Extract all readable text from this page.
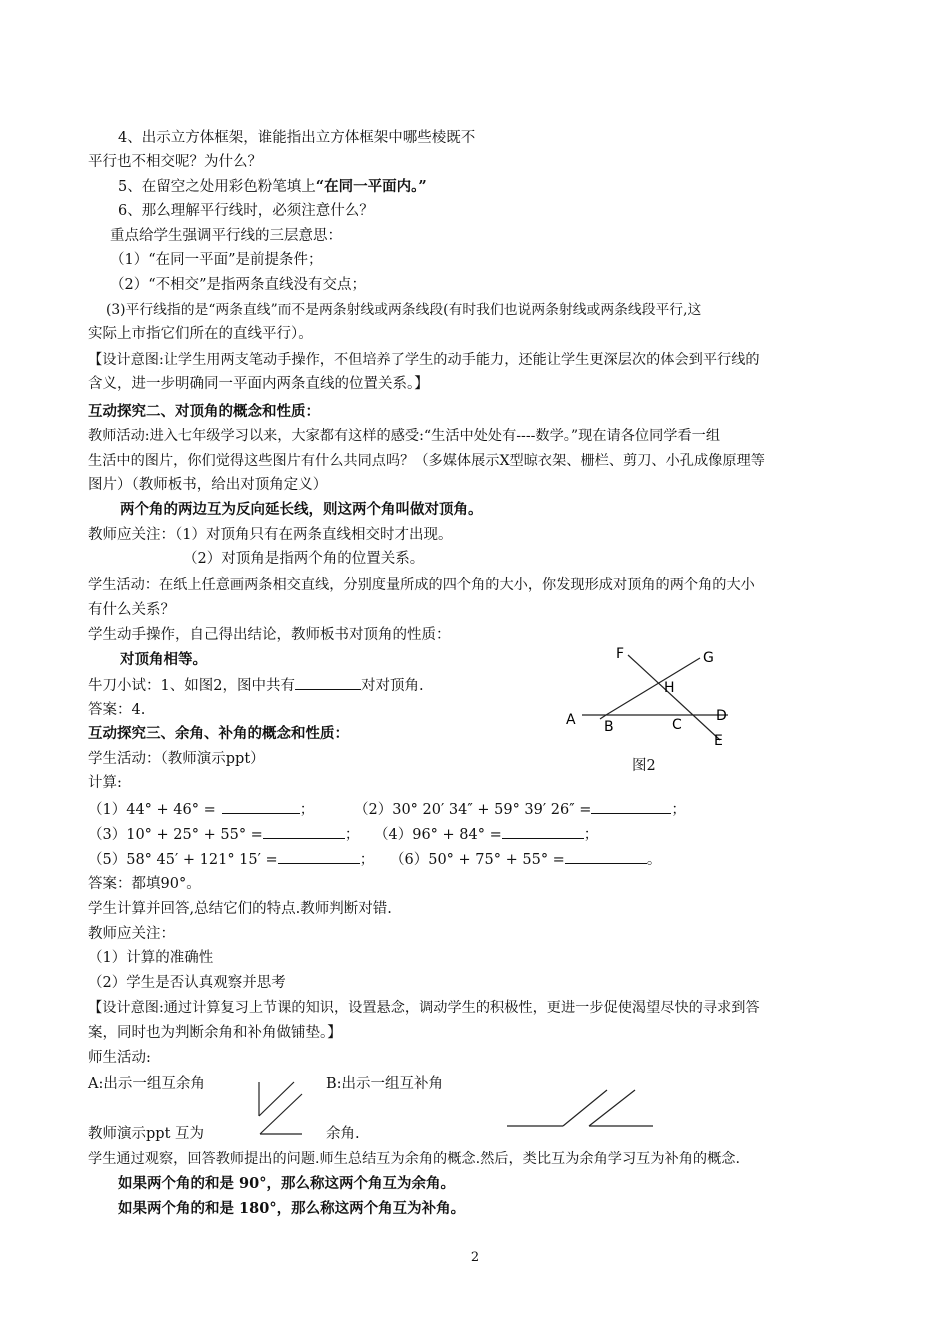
4、出示立方体框架，谁能指出立方体框架中哪些棱既不
平行也不相交呢？为什么？
5、在留空之处用彩色粉笔填上“在同一平面内。”
6、那么理解平行线时，必须注意什么？
重点给学生强调平行线的三层意思：
（1）“在同一平面”是前提条件；
（2）“不相交”是指两条直线没有交点；
(3)平行线指的是“两条直线”而不是两条射线或两条线段(有时我们也说两条射线或两条线段平行,这
实际上市指它们所在的直线平行）。
【设计意图:让学生用两支笔动手操作，不但培养了学生的动手能力，还能让学生更深层次的体会到平行线的
含义，进一步明确同一平面内两条直线的位置关系。】
互动探究二、对顶角的概念和性质：
教师活动:进入七年级学习以来，大家都有这样的感受:“生活中处处有----数学。”现在请各位同学看一组
生活中的图片，你们觉得这些图片有什么共同点吗？（多媒体展示X型晾衣架、栅栏、剪刀、小孔成像原理等
图片）（教师板书，给出对顶角定义）
两个角的两边互为反向延长线，则这两个角叫做对顶角。
教师应关注：（1）对顶角只有在两条直线相交时才出现。
（2）对顶角是指两个角的位置关系。
学生活动：在纸上任意画两条相交直线，分别度量所成的四个角的大小，你发现形成对顶角的两个角的大小
有什么关系？
学生动手操作，自己得出结论，教师板书对顶角的性质：
对顶角相等。
牛刀小试：1、如图2，图中共有	对对顶角.
答案：4.
互动探究三、余角、补角的概念和性质：
学生活动：（教师演示ppt）
计算:
（1）44° + 46° =	；	（2）30° 20′ 34″ + 59° 39′ 26″ =	；
（3）10° + 25° + 55° =	； （4）96° + 84° =	；
（5）58° 45′ + 121° 15′ =	； （6）50° + 75° + 55° =	。
答案：都填90°。
学生计算并回答,总结它们的特点.教师判断对错.
教师应关注：
（1）计算的准确性
（2）学生是否认真观察并思考
【设计意图:通过计算复习上节课的知识，设置悬念，调动学生的积极性，更进一步促使渴望尽快的寻求到答
案，同时也为判断余角和补角做铺垫。】
师生活动:
A:出示一组互余角	B:出示一组互补角
教师演示ppt 互为	余角.
学生通过观察，回答教师提出的问题.师生总结互为余角的概念.然后，类比互为余角学习互为补角的概念.
如果两个角的和是 90°，那么称这两个角互为余角。
如果两个角的和是 180°，那么称这两个角互为补角。
F	G
H
A B	C
D
E
图2
2
